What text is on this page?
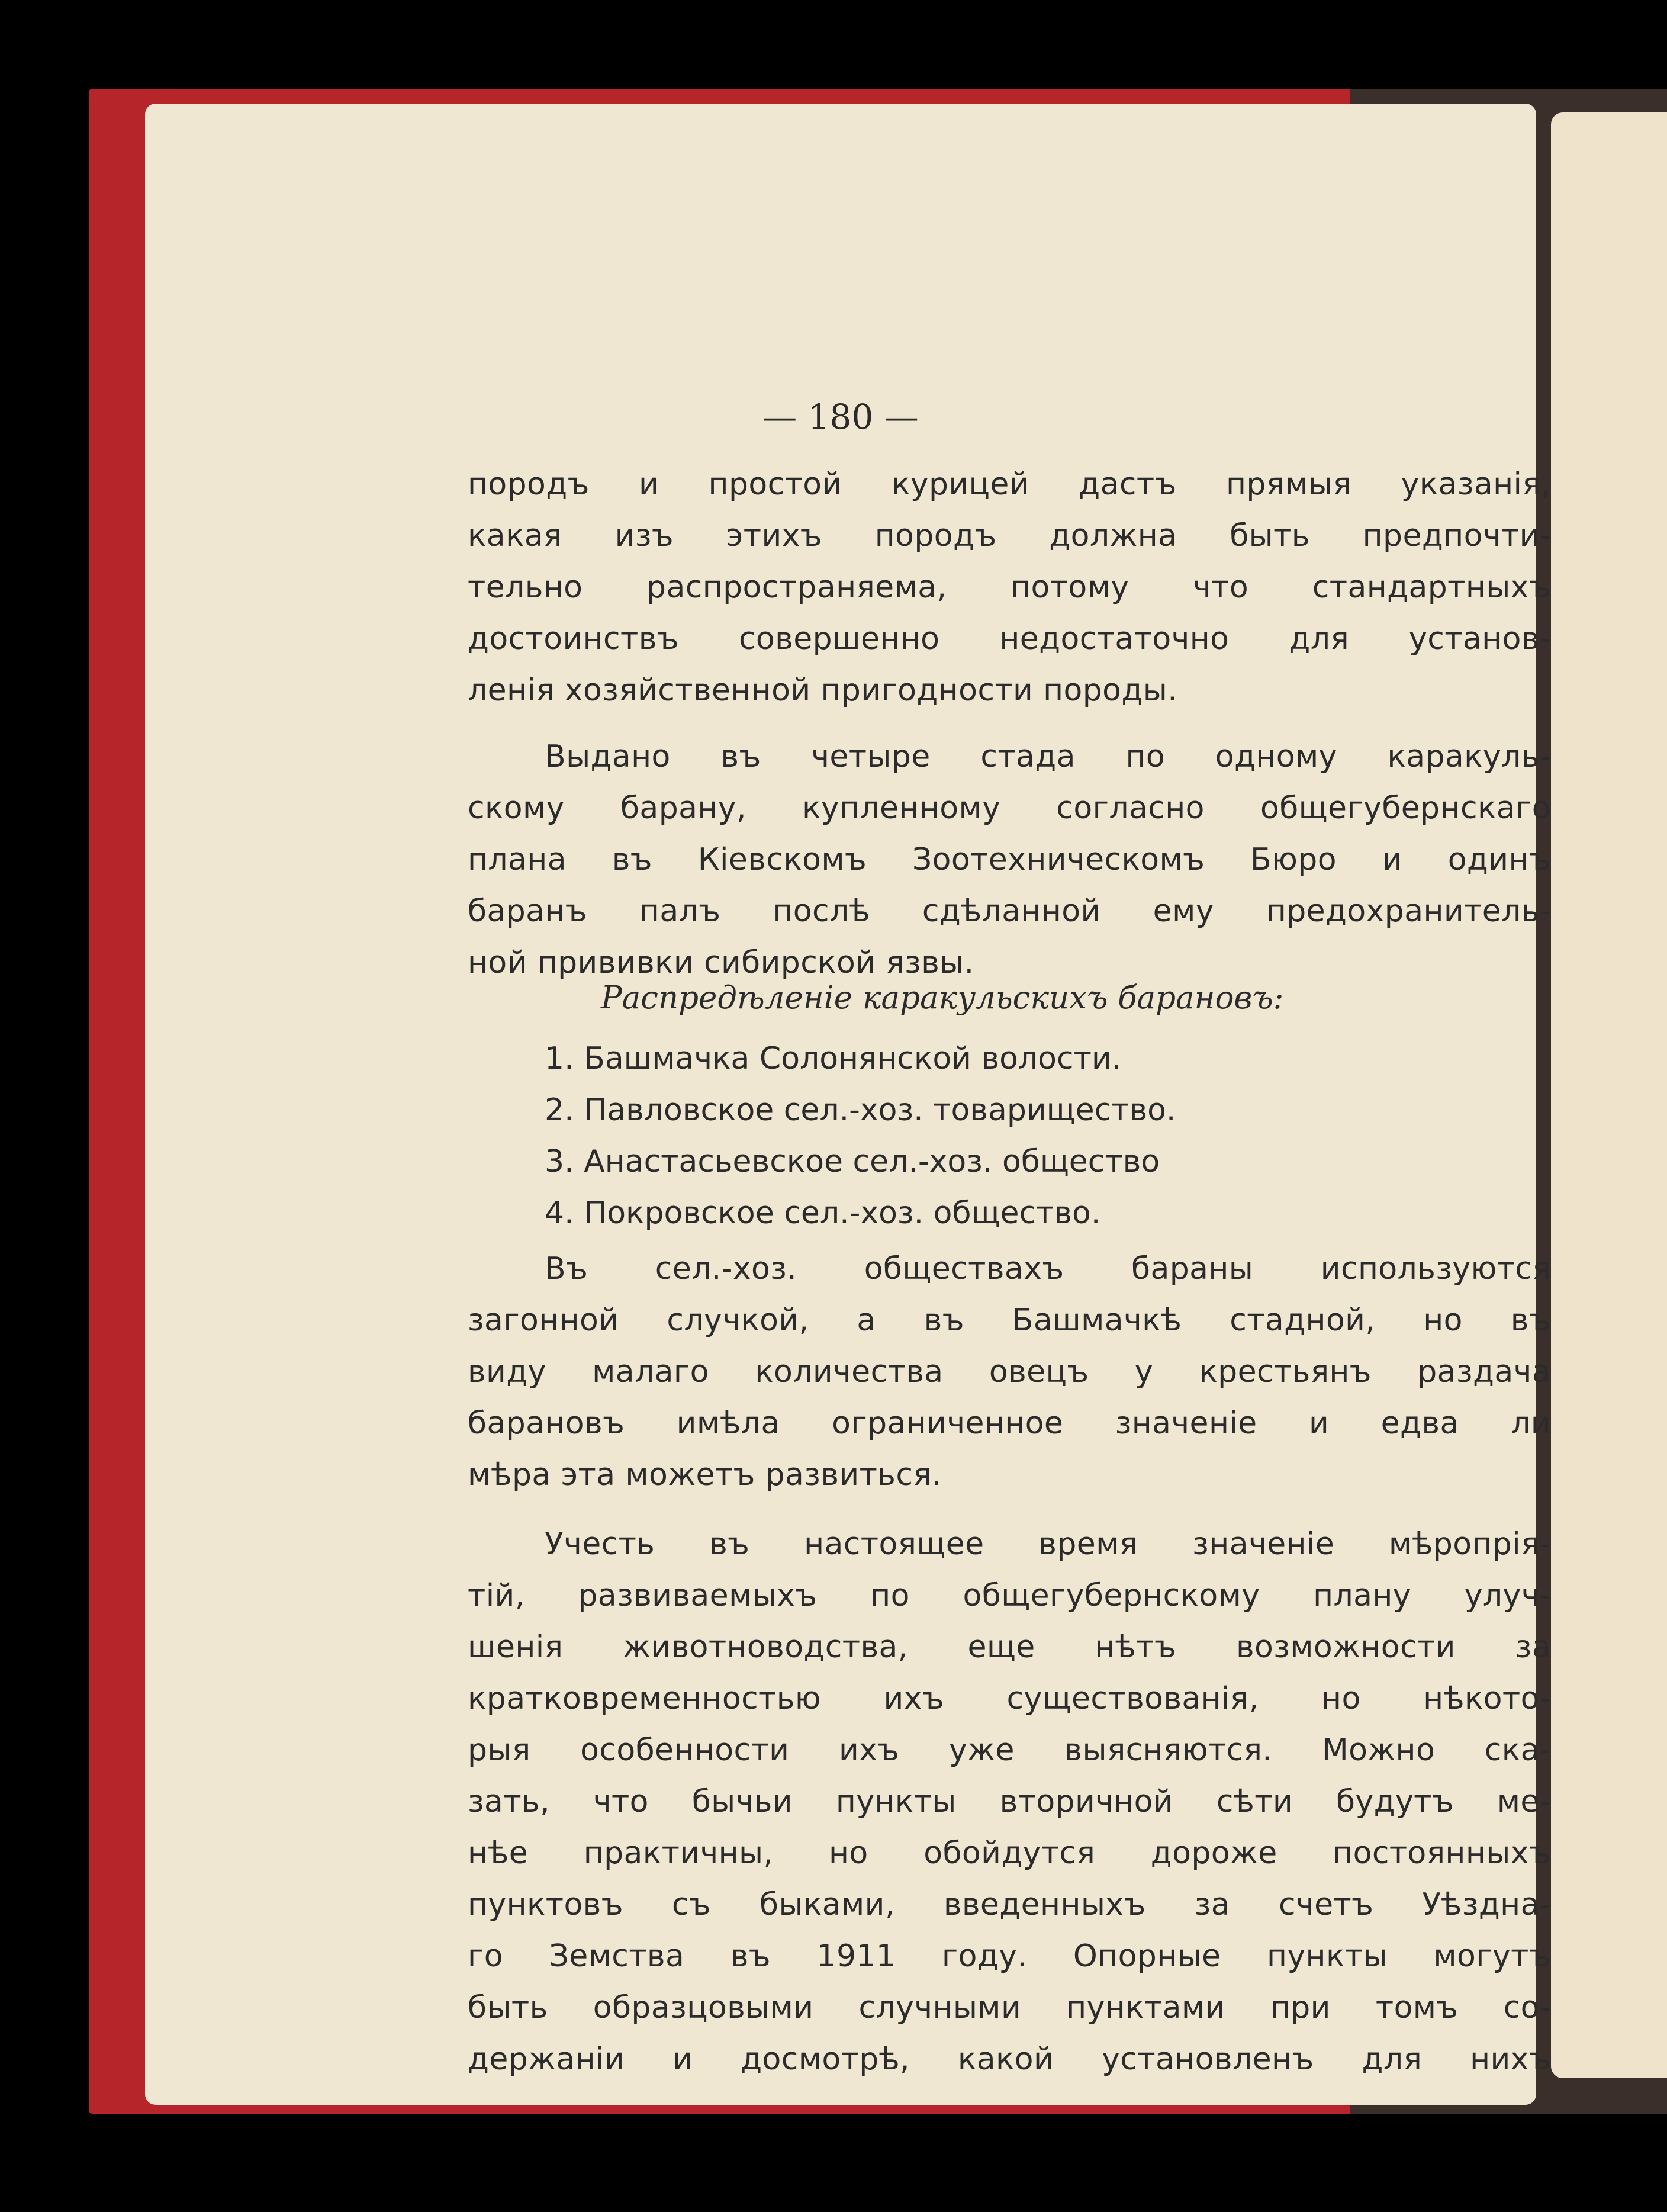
— 180 —

породъ и простой курицей дастъ прямыя указанія,
какая изъ этихъ породъ должна быть предпочти-
тельно распространяема, потому что стандартныхъ
достоинствъ совершенно недостаточно для установ-
ленія хозяйственной пригодности породы.

Выдано въ четыре стада по одному каракуль-
скому барану, купленному согласно общегубернскаго
плана въ Кіевскомъ Зоотехническомъ Бюро и одинъ
баранъ палъ послѣ сдѣланной ему предохранитель-
ной прививки сибирской язвы.

Распредѣленіе каракульскихъ барановъ:
1. Башмачка Солонянской волости.
2. Павловское сел.-хоз. товарищество.
3. Анастасьевское сел.-хоз. общество
4. Покровское сел.-хоз. общество.

Въ сел.-хоз. обществахъ бараны используются
загонной случкой, а въ Башмачкѣ стадной, но въ
виду малаго количества овецъ у крестьянъ раздача
барановъ имѣла ограниченное значеніе и едва ли
мѣра эта можетъ развиться.

Учесть въ настоящее время значеніе мѣропрія-
тій, развиваемыхъ по общегубернскому плану улуч-
шенія животноводства, еще нѣтъ возможности за
кратковременностью ихъ существованія, но нѣкото-
рыя особенности ихъ уже выясняются. Можно ска-
зать, что бычьи пункты вторичной сѣти будутъ ме-
нѣе практичны, но обойдутся дороже постоянныхъ
пунктовъ съ быками, введенныхъ за счетъ Уѣздна-
го Земства въ 1911 году. Опорные пункты могутъ
быть образцовыми случными пунктами при томъ со-
держаніи и досмотрѣ, какой установленъ для нихъ
